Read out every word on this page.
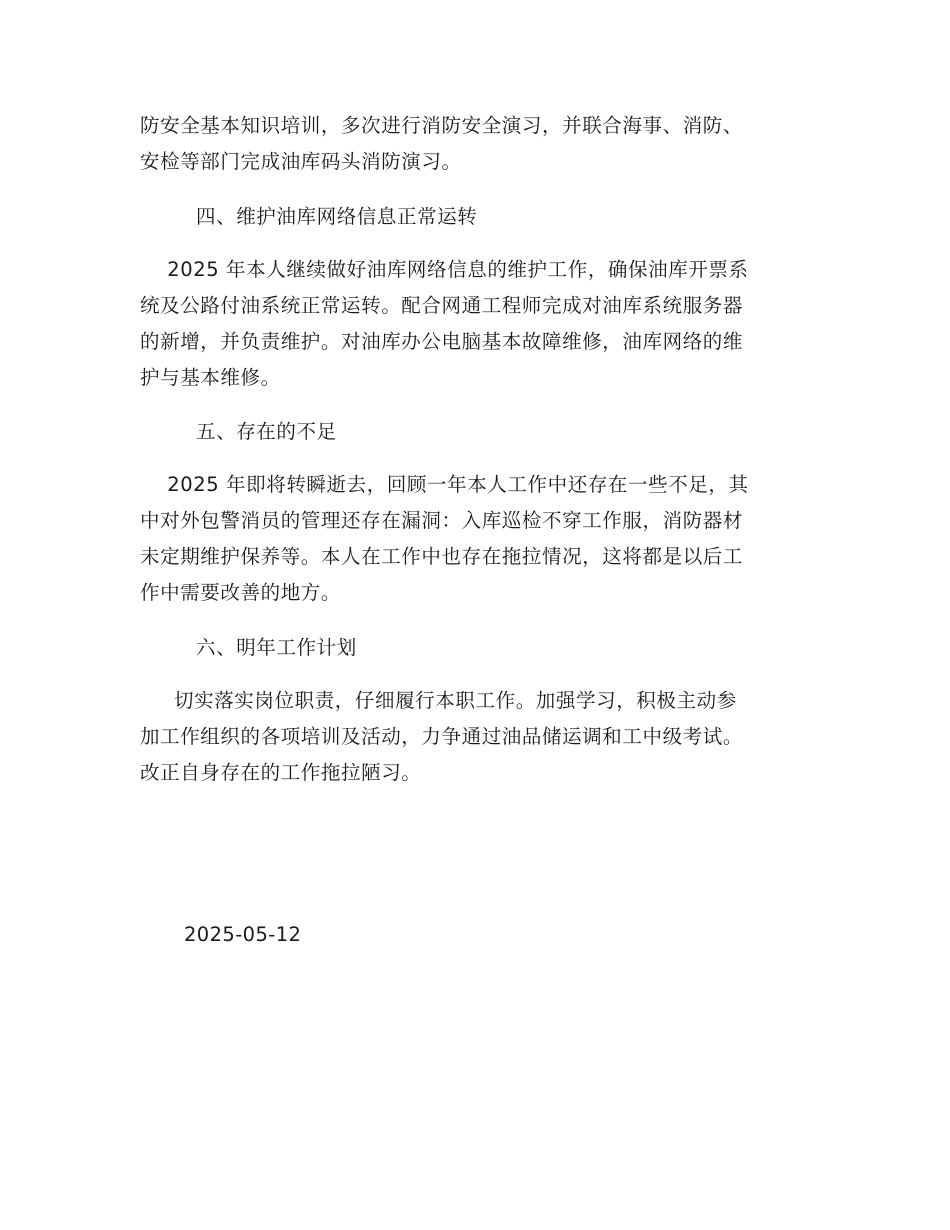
防安全基本知识培训，多次进行消防安全演习，并联合海事、消防、
安检等部门完成油库码头消防演习。
四、维护油库网络信息正常运转
2025 年本人继续做好油库网络信息的维护工作，确保油库开票系
统及公路付油系统正常运转。配合网通工程师完成对油库系统服务器
的新增，并负责维护。对油库办公电脑基本故障维修，油库网络的维
护与基本维修。
五、存在的不足
2025 年即将转瞬逝去，回顾一年本人工作中还存在一些不足，其
中对外包警消员的管理还存在漏洞：入库巡检不穿工作服，消防器材
未定期维护保养等。本人在工作中也存在拖拉情况，这将都是以后工
作中需要改善的地方。
六、明年工作计划
切实落实岗位职责，仔细履行本职工作。加强学习，积极主动参
加工作组织的各项培训及活动，力争通过油品储运调和工中级考试。
改正自身存在的工作拖拉陋习。
2025-05-12
